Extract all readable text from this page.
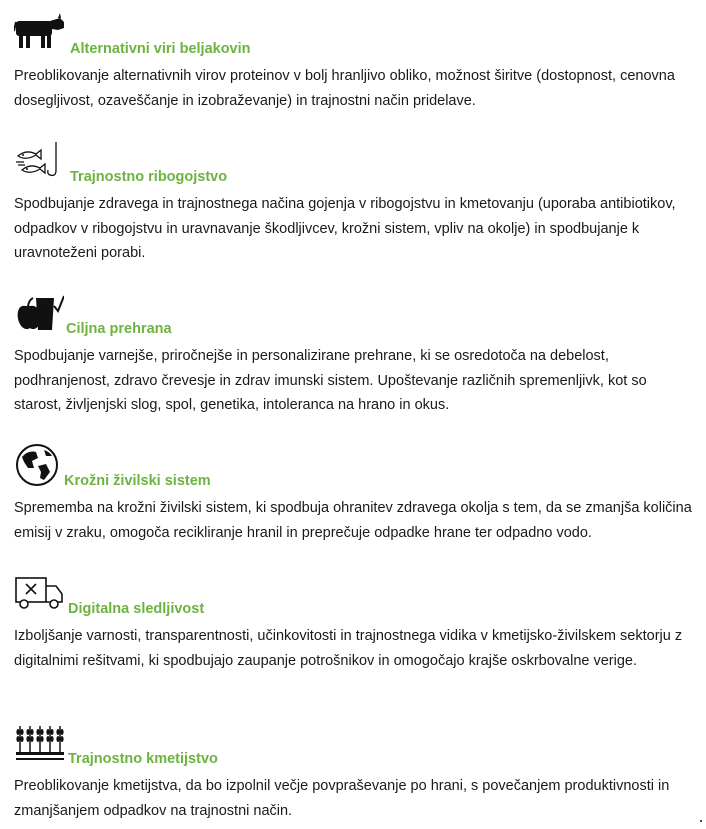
Alternativni viri beljakovin

Preoblikovanje alternativnih virov proteinov v bolj hranljivo obliko, možnost širitve (dostopnost, cenovna dosegljivost, ozaveščanje in izobraževanje) in trajnostni način pridelave.

Trajnostno ribogojstvo

Spodbujanje zdravega in trajnostnega načina gojenja v ribogojstvu in kmetovanju (uporaba antibiotikov, odpadkov v ribogojstvu in uravnavanje škodljivcev, krožni sistem, vpliv na okolje) in spodbujanje k uravnoteženi porabi.

Ciljna prehrana

Spodbujanje varnejše, priročnejše in personalizirane prehrane, ki se osredotoča na debelost, podhranjenost, zdravo črevesje in zdrav imunski sistem. Upoštevanje različnih spremenljivk, kot so starost, življenjski slog, spol, genetika, intoleranca na hrano in okus.

Krožni živilski sistem

Sprememba na krožni živilski sistem, ki spodbuja ohranitev zdravega okolja s tem, da se zmanjša količina emisij v zraku, omogoča recikliranje hranil in preprečuje odpadke hrane ter odpadno vodo.

Digitalna sledljivost

Izboljšanje varnosti, transparentnosti, učinkovitosti in trajnostnega vidika v kmetijsko-živilskem sektorju z digitalnimi rešitvami, ki spodbujajo zaupanje potrošnikov in omogočajo krajše oskrbovalne verige.

Trajnostno kmetijstvo

Preoblikovanje kmetijstva, da bo izpolnil večje povpraševanje po hrani, s povečanjem produktivnosti in zmanjšanjem odpadkov na trajnostni način.
